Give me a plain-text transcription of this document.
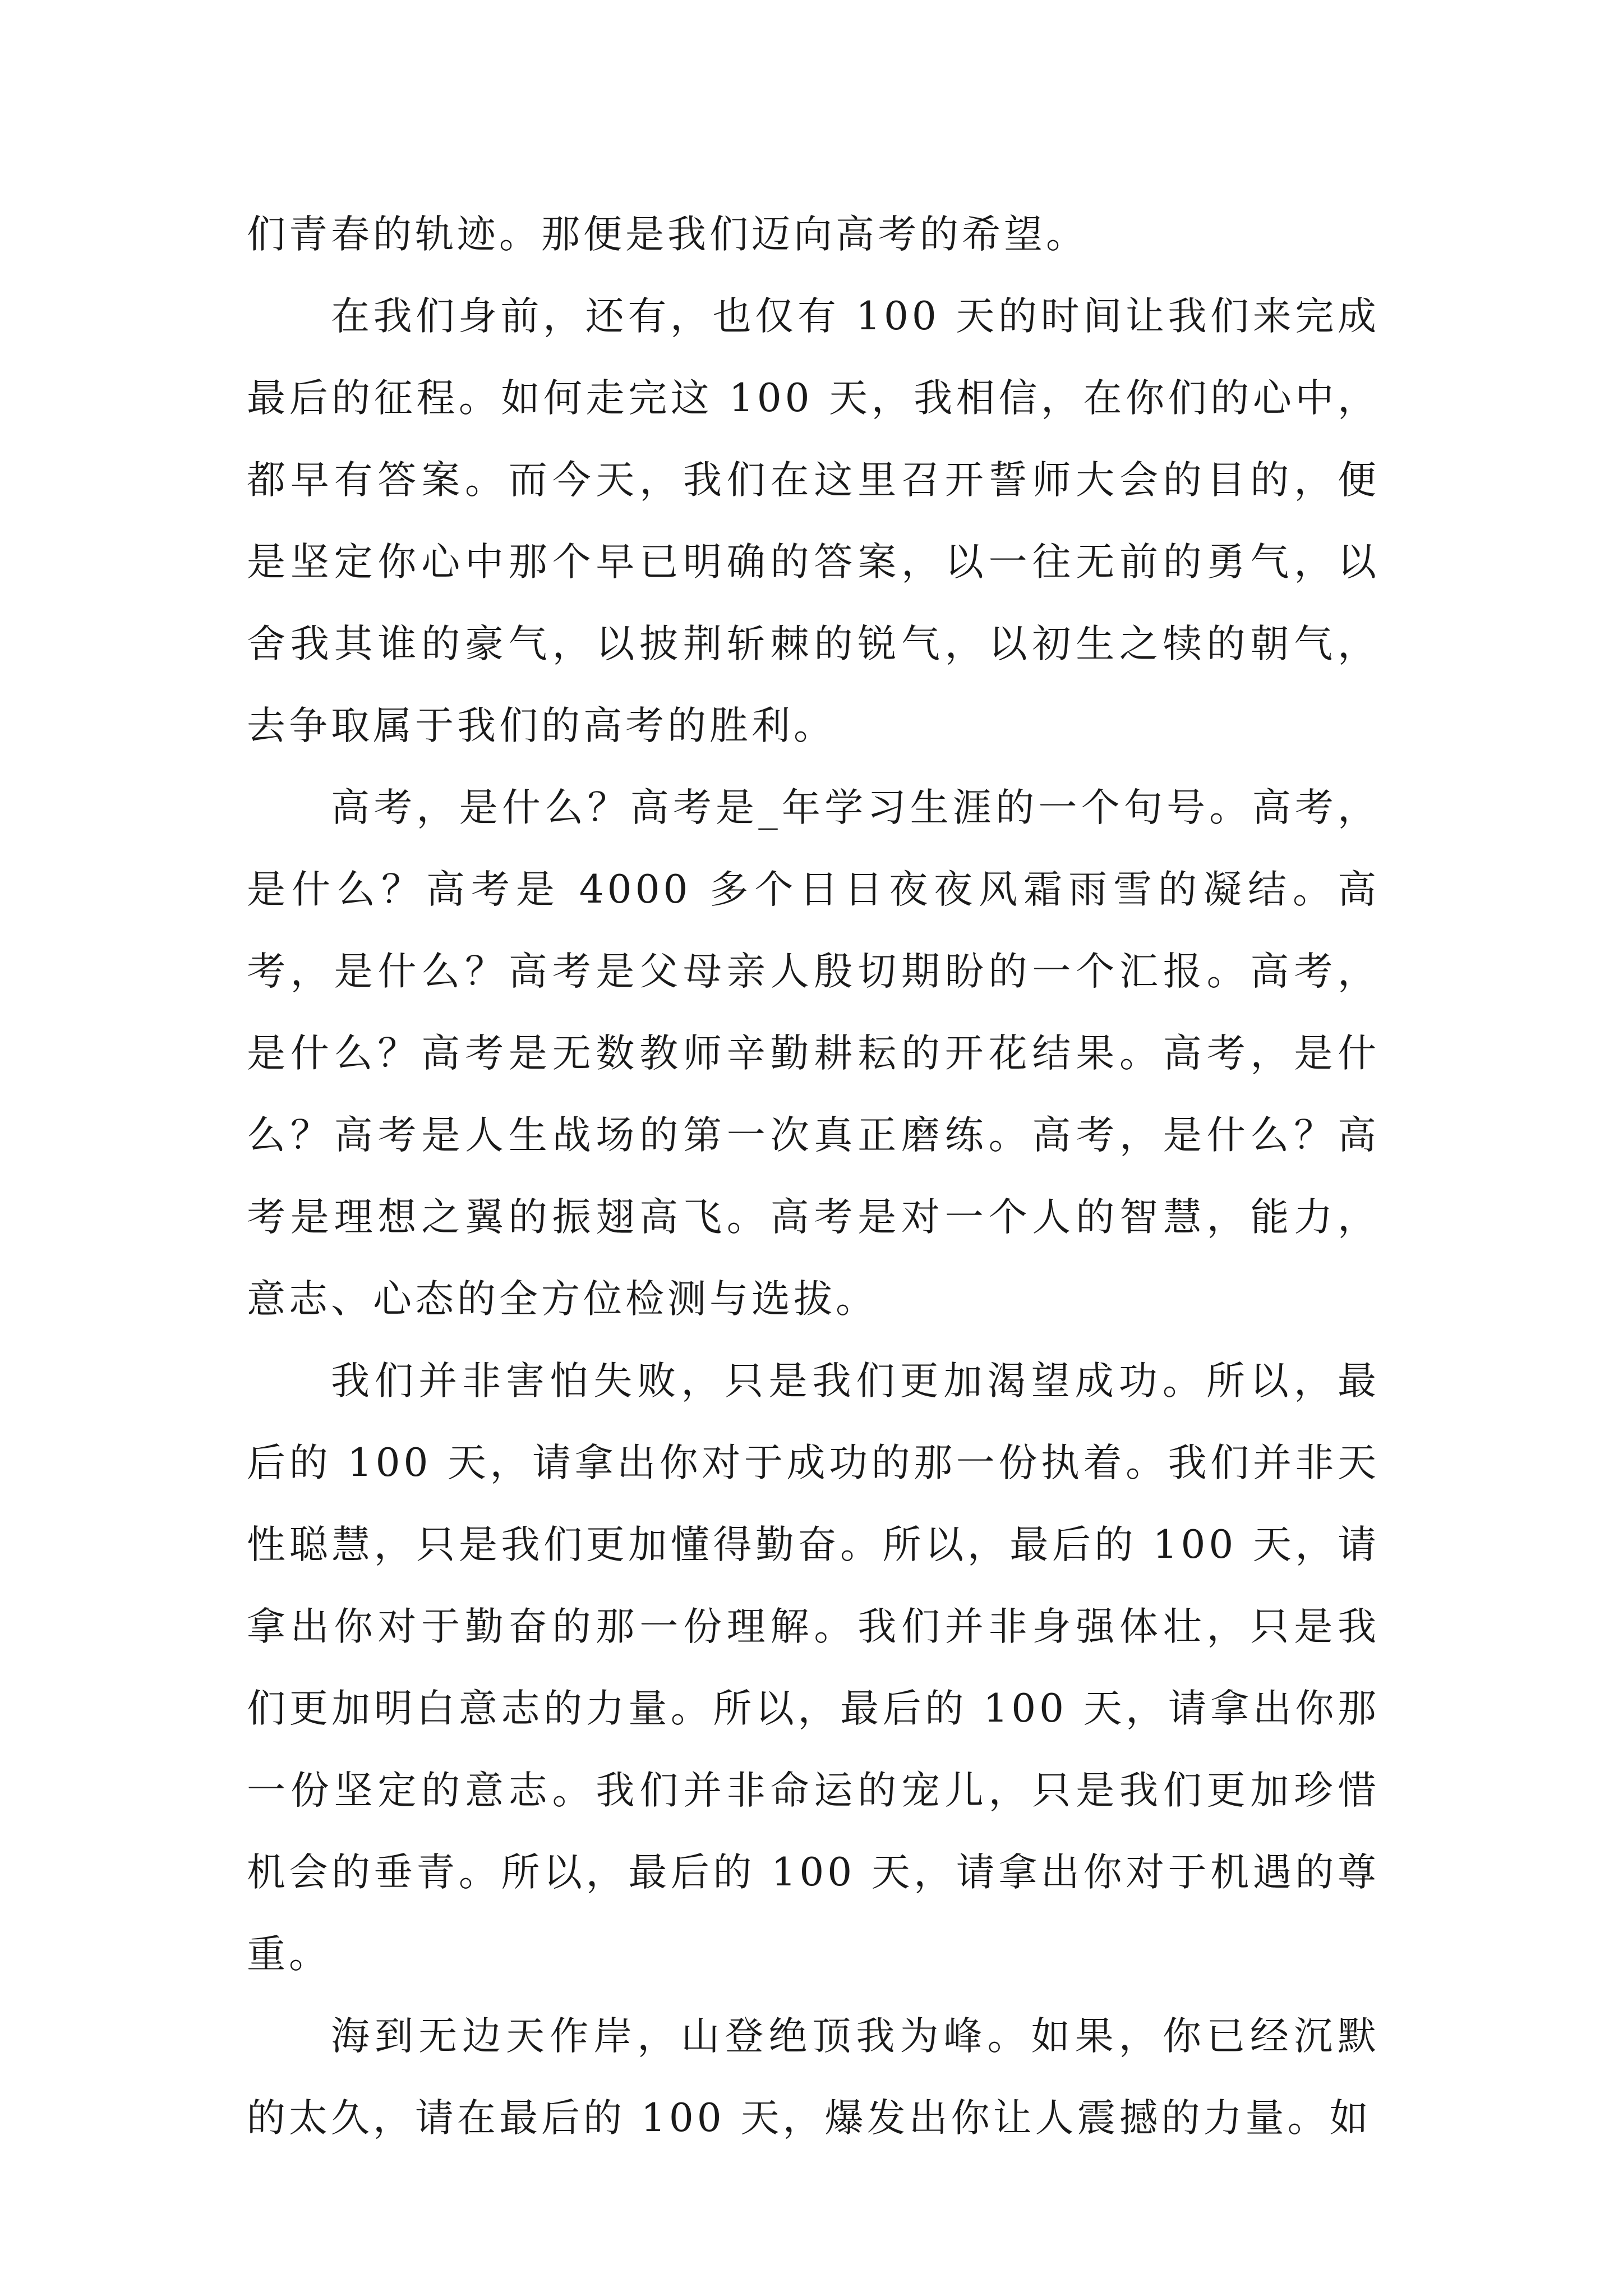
们青春的轨迹。那便是我们迈向高考的希望。

在我们身前，还有，也仅有 100 天的时间让我们来完成最后的征程。如何走完这 100 天，我相信，在你们的心中，都早有答案。而今天，我们在这里召开誓师大会的目的，便是坚定你心中那个早已明确的答案，以一往无前的勇气，以舍我其谁的豪气，以披荆斩棘的锐气，以初生之犊的朝气，去争取属于我们的高考的胜利。

高考，是什么？高考是_年学习生涯的一个句号。高考，是什么？高考是 4000 多个日日夜夜风霜雨雪的凝结。高考，是什么？高考是父母亲人殷切期盼的一个汇报。高考，是什么？高考是无数教师辛勤耕耘的开花结果。高考，是什么？高考是人生战场的第一次真正磨练。高考，是什么？高考是理想之翼的振翅高飞。高考是对一个人的智慧，能力，意志、心态的全方位检测与选拔。

我们并非害怕失败，只是我们更加渴望成功。所以，最后的 100 天，请拿出你对于成功的那一份执着。我们并非天性聪慧，只是我们更加懂得勤奋。所以，最后的 100 天，请拿出你对于勤奋的那一份理解。我们并非身强体壮，只是我们更加明白意志的力量。所以，最后的 100 天，请拿出你那一份坚定的意志。我们并非命运的宠儿，只是我们更加珍惜机会的垂青。所以，最后的 100 天，请拿出你对于机遇的尊重。

海到无边天作岸，山登绝顶我为峰。如果，你已经沉默的太久，请在最后的 100 天，爆发出你让人震撼的力量。如
